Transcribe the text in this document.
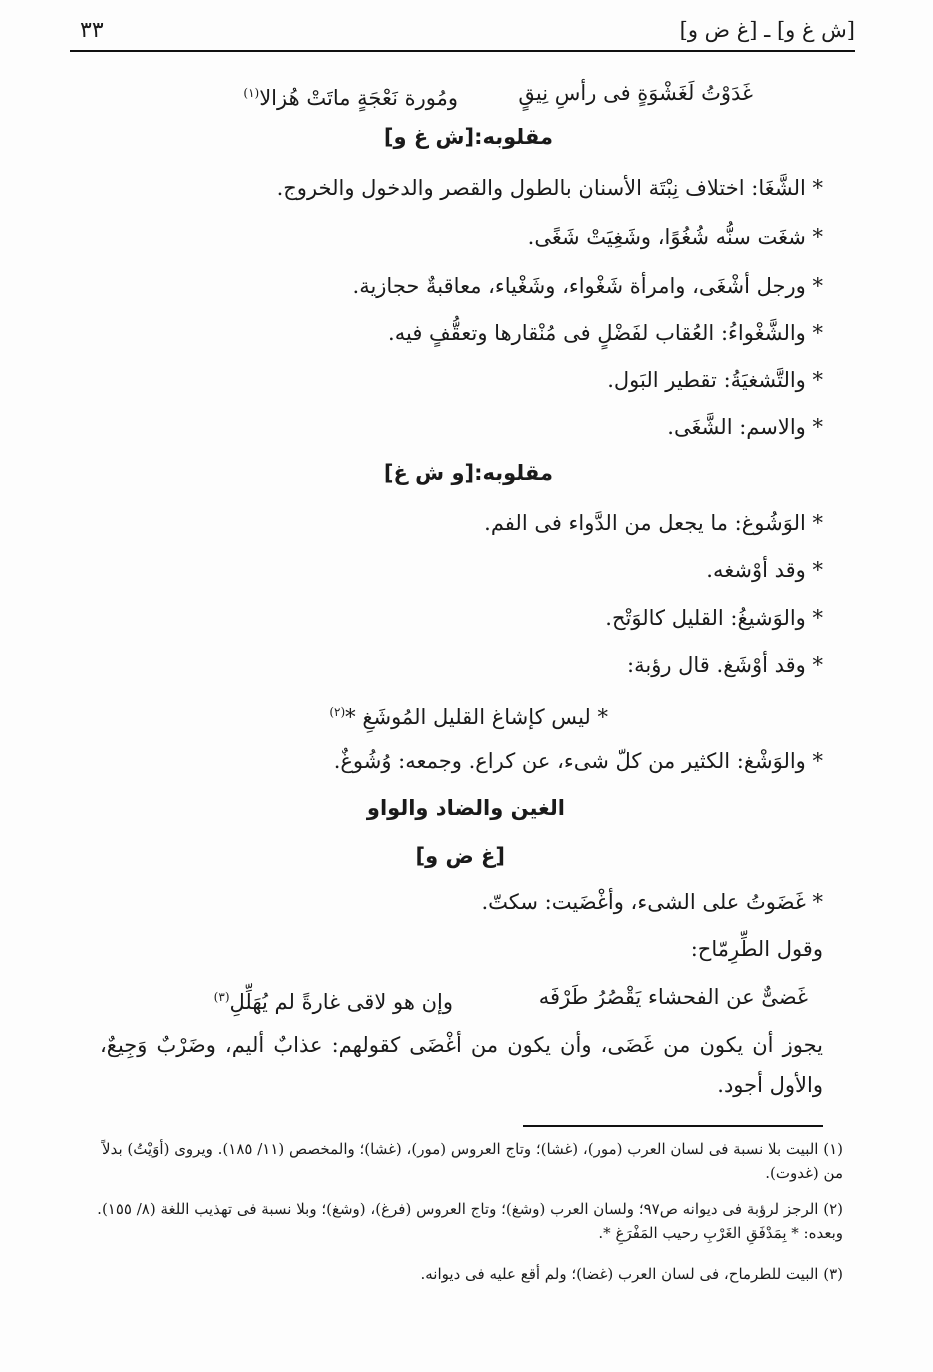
[ش غ و] ـ [غ ض و]
٣٣
غَدَوْتُ لَغَشْوَةٍ فى رأسِ نِيقٍ
ومُورة نَعْجَةٍ ماتَتْ هُزالا$^{(١)}$
مقلوبه:[ش غ و]
* الشَّغَا: اختلاف نِبْتَة الأسنان بالطول والقصر والدخول والخروج.
* شغَت سنُّه شُغُوًا، وشَغِيَتْ شَغًى.
* ورجل أشْغَى، وامرأة شَغْواء، وشَغْياء، معاقبةٌ حجازية.
* والشَّغْواءُ: العُقاب لفَضْلٍ فى مُنْقارها وتعقُّفٍ فيه.
* والتَّشغيَةُ: تقطير البَول.
* والاسم: الشَّغَى.
مقلوبه:[و ش غ]
* الوَشُوغ: ما يجعل من الدَّواء فى الفم.
* وقد أوْشغه.
* والوَشيغُ: القليل كالوَتْح.
* وقد أوْشَغ. قال رؤبة:
* ليس كإشاغ القليل المُوشَغِ *$^{(٢)}$
* والوَشْغ: الكثير من كلّ شىء، عن كراع. وجمعه: وُشُوغٌ.
الغين والضاد والواو
[غ ض و]
* غَضَوتُ على الشىء، وأغْضَيت: سكتّ.
وقول الطِّرِمّاح:
غَضىٌّ عن الفحشاء يَقْصُرُ طَرْفَه
وإن هو لاقى غارةً لم يُهَلِّلِ$^{(٣)}$
يجوز أن يكون من غَضَى، وأن يكون من أغْضَى كقولهم: عذابٌ أليم، وضَرْبٌ وَجِيعٌ، والأول أجود.
(١) البيت بلا نسبة فى لسان العرب (مور)، (غشا)؛ وتاج العروس (مور)، (غشا)؛ والمخصص (١١/ ١٨٥). ويروى (أوَيْتُ) بدلاً من (غدوت).
(٢) الرجز لرؤبة فى ديوانه ص٩٧؛ ولسان العرب (وشغ)؛ وتاج العروس (فرغ)، (وشغ)؛ وبلا نسبة فى تهذيب اللغة (٨/ ١٥٥). وبعده: * بِمَدْفَقِ الغَرْبِ رحيب المَفْرَغِ *.
(٣) البيت للطرماح، فى لسان العرب (غضا)؛ ولم أقع عليه فى ديوانه.
